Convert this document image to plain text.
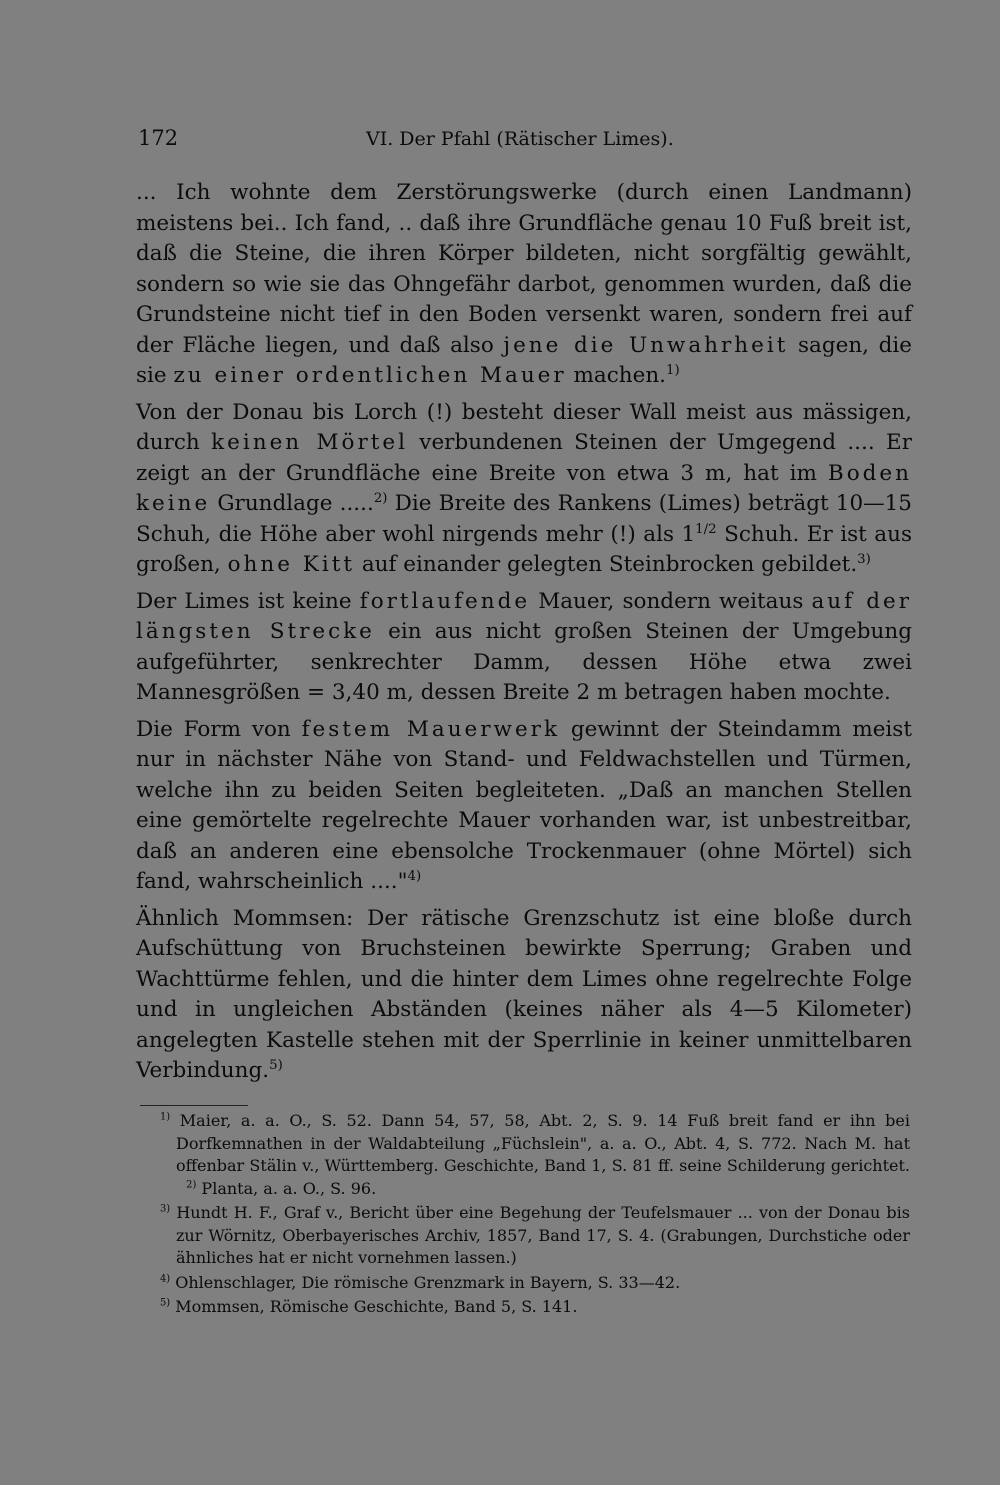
172	VI. Der Pfahl (Rätischer Limes).

... Ich wohnte dem Zerstörungswerke (durch einen Landmann) meistens bei.. Ich fand, .. daß ihre Grundfläche genau 10 Fuß breit ist, daß die Steine, die ihren Körper bildeten, nicht sorgfältig gewählt, sondern so wie sie das Ohngefähr darbot, genommen wurden, daß die Grundsteine nicht tief in den Boden versenkt waren, sondern frei auf der Fläche liegen, und daß also jene die Unwahrheit sagen, die sie zu einer ordentlichen Mauer machen.$^{1)}$

Von der Donau bis Lorch (!) besteht dieser Wall meist aus mässigen, durch keinen Mörtel verbundenen Steinen der Umgegend .... Er zeigt an der Grundfläche eine Breite von etwa 3 m, hat im Boden keine Grundlage .....$^{2)}$ Die Breite des Rankens (Limes) beträgt 10—15 Schuh, die Höhe aber wohl nirgends mehr (!) als $1^{1/2}$ Schuh. Er ist aus großen, ohne Kitt auf einander gelegten Steinbrocken gebildet.$^{3)}$

Der Limes ist keine fortlaufende Mauer, sondern weitaus auf der längsten Strecke ein aus nicht großen Steinen der Umgebung aufgeführter, senkrechter Damm, dessen Höhe etwa zwei Mannesgrößen = 3,40 m, dessen Breite 2 m betragen haben mochte.

Die Form von festem Mauerwerk gewinnt der Steindamm meist nur in nächster Nähe von Stand- und Feldwachstellen und Türmen, welche ihn zu beiden Seiten begleiteten. „Daß an manchen Stellen eine gemörtelte regelrechte Mauer vorhanden war, ist unbestreitbar, daß an anderen eine ebensolche Trockenmauer (ohne Mörtel) sich fand, wahrscheinlich ...."$^{4)}$

Ähnlich Mommsen: Der rätische Grenzschutz ist eine bloße durch Aufschüttung von Bruchsteinen bewirkte Sperrung; Graben und Wachttürme fehlen, und die hinter dem Limes ohne regelrechte Folge und in ungleichen Abständen (keines näher als 4—5 Kilometer) angelegten Kastelle stehen mit der Sperrlinie in keiner unmittelbaren Verbindung.$^{5)}$

$^{1)}$ Maier, a. a. O., S. 52. Dann 54, 57, 58, Abt. 2, S. 9. 14 Fuß breit fand er ihn bei Dorfkemnathen in der Waldabteilung „Füchslein", a. a. O., Abt. 4, S. 772. Nach M. hat offenbar Stälin v., Württemberg. Geschichte, Band 1, S. 81 ff. seine Schilderung gerichtet.   $^{2)}$ Planta, a. a. O., S. 96.

$^{3)}$ Hundt H. F., Graf v., Bericht über eine Begehung der Teufelsmauer ... von der Donau bis zur Wörnitz, Oberbayerisches Archiv, 1857, Band 17, S. 4. (Grabungen, Durchstiche oder ähnliches hat er nicht vornehmen lassen.)

$^{4)}$ Ohlenschlager, Die römische Grenzmark in Bayern, S. 33—42.

$^{5)}$ Mommsen, Römische Geschichte, Band 5, S. 141.
